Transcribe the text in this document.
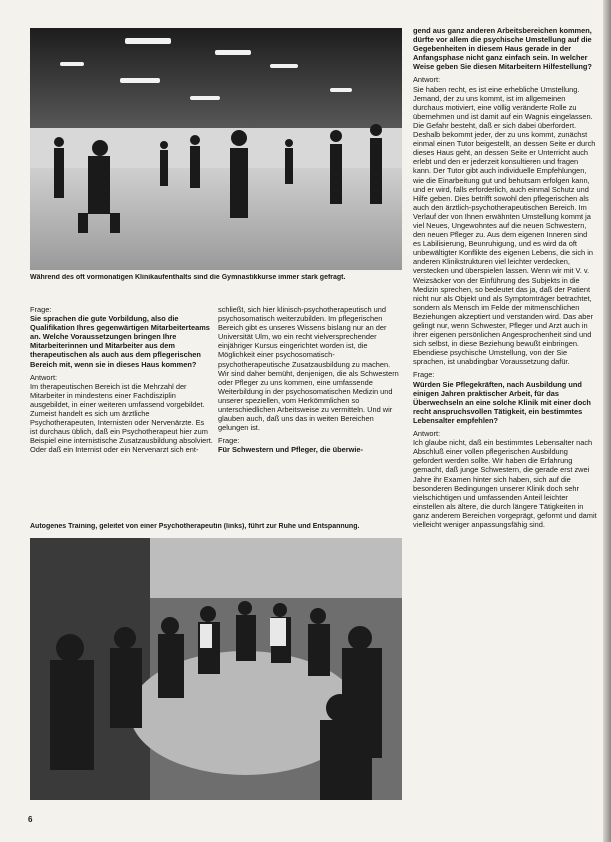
Während des oft vormonatigen Klinikaufenthalts sind die Gymnastikkurse immer stark gefragt.

Frage:
Sie sprachen die gute Vorbildung, also die Qualifikation Ihres gegenwärtigen Mitarbeiterteams an. Welche Voraussetzungen bringen Ihre Mitarbeiterinnen und Mitarbeiter aus dem therapeutischen als auch aus dem pflegerischen Bereich mit, wenn sie in dieses Haus kommen?

Antwort:
Im therapeutischen Bereich ist die Mehrzahl der Mitarbeiter in mindestens einer Fachdisziplin ausgebildet, in einer weiteren umfassend vorgebildet. Zumeist handelt es sich um ärztliche Psychotherapeuten, Internisten oder Nervenärzte. Es ist durchaus üblich, daß ein Psychotherapeut hier zum Beispiel eine internistische Zusatzausbildung absolviert. Oder daß ein Internist oder ein Nervenarzt sich ent-

schließt, sich hier klinisch-psychotherapeutisch und psychosomatisch weiterzubilden. Im pflegerischen Bereich gibt es unseres Wissens bislang nur an der Universität Ulm, wo ein recht vielversprechender einjähriger Kursus eingerichtet worden ist, die Möglichkeit einer psychosomatisch-psychotherapeutische Zusatzausbildung zu machen. Wir sind daher bemüht, denjenigen, die als Schwestern oder Pfleger zu uns kommen, eine umfassende Weiterbildung in der psychosomatischen Medizin und unserer speziellen, vom Herkömmlichen so unterschiedlichen Arbeitsweise zu vermitteln. Und wir glauben auch, daß uns das in weiten Bereichen gelungen ist.

Frage:
Für Schwestern und Pfleger, die überwie-

Autogenes Training, geleitet von einer Psychotherapeutin (links), führt zur Ruhe und Entspannung.

gend aus ganz anderen Arbeitsbereichen kommen, dürfte vor allem die psychische Umstellung auf die Gegebenheiten in diesem Haus gerade in der Anfangsphase nicht ganz einfach sein. In welcher Weise geben Sie diesen Mitarbeitern Hilfestellung?

Antwort:
Sie haben recht, es ist eine erhebliche Umstellung. Jemand, der zu uns kommt, ist im allgemeinen durchaus motiviert, eine völlig veränderte Rolle zu übernehmen und ist damit auf ein Wagnis eingelassen. Die Gefahr besteht, daß er sich dabei überfordert. Deshalb bekommt jeder, der zu uns kommt, zunächst einmal einen Tutor beigestellt, an dessen Seite er durch dieses Haus geht, an dessen Seite er Unterricht auch erlebt und den er jederzeit konsultieren und fragen kann. Der Tutor gibt auch individuelle Empfehlungen, wie die Einarbeitung gut und behutsam erfolgen kann, und er wird, falls erforderlich, auch einmal Schutz und Hilfe geben. Dies betrifft sowohl den pflegerischen als auch den ärztlich-psychotherapeutischen Bereich. Im Verlauf der von Ihnen erwähnten Umstellung kommt ja viel Neues, Ungewohntes auf die neuen Schwestern, den neuen Pfleger zu. Aus dem eigenen Inneren sind es Labilisierung, Beunruhigung, und es wird da oft unbewältigter Konflikte des eigenen Lebens, die sich in anderen Klinikstrukturen viel leichter verdecken, verstecken und überspielen lassen. Wenn wir mit V. v. Weizsäcker von der Einführung des Subjekts in die Medizin sprechen, so bedeutet das ja, daß der Patient nicht nur als Objekt und als Symptomträger betrachtet, sondern als Mensch im Felde der mitmenschlichen Beziehungen akzeptiert und verstanden wird. Das aber gelingt nur, wenn Schwester, Pfleger und Arzt auch in ihrer eigenen persönlichen Angesprochenheit sind und sich selbst, in diese Beziehung bewußt einbringen. Ebendiese psychische Umstellung, von der Sie sprachen, ist unabdingbar Voraussetzung dafür.

Frage:
Würden Sie Pflegekräften, nach Ausbildung und einigen Jahren praktischer Arbeit, für das Überwechseln an eine solche Klinik mit einer doch recht anspruchsvollen Tätigkeit, ein bestimmtes Lebensalter empfehlen?

Antwort:
Ich glaube nicht, daß ein bestimmtes Lebensalter nach Abschluß einer vollen pflegerischen Ausbildung gefordert werden sollte. Wir haben die Erfahrung gemacht, daß junge Schwestern, die gerade erst zwei Jahre ihr Examen hinter sich haben, sich auf die besonderen Bedingungen unserer Klinik doch sehr vielschichtigen und umfassenden Anteil leichter einstellen als ältere, die durch längere Tätigkeiten in ganz anderem Bereichen vorgeprägt, geformt und damit vielleicht weniger anpassungsfähig sind.

6
